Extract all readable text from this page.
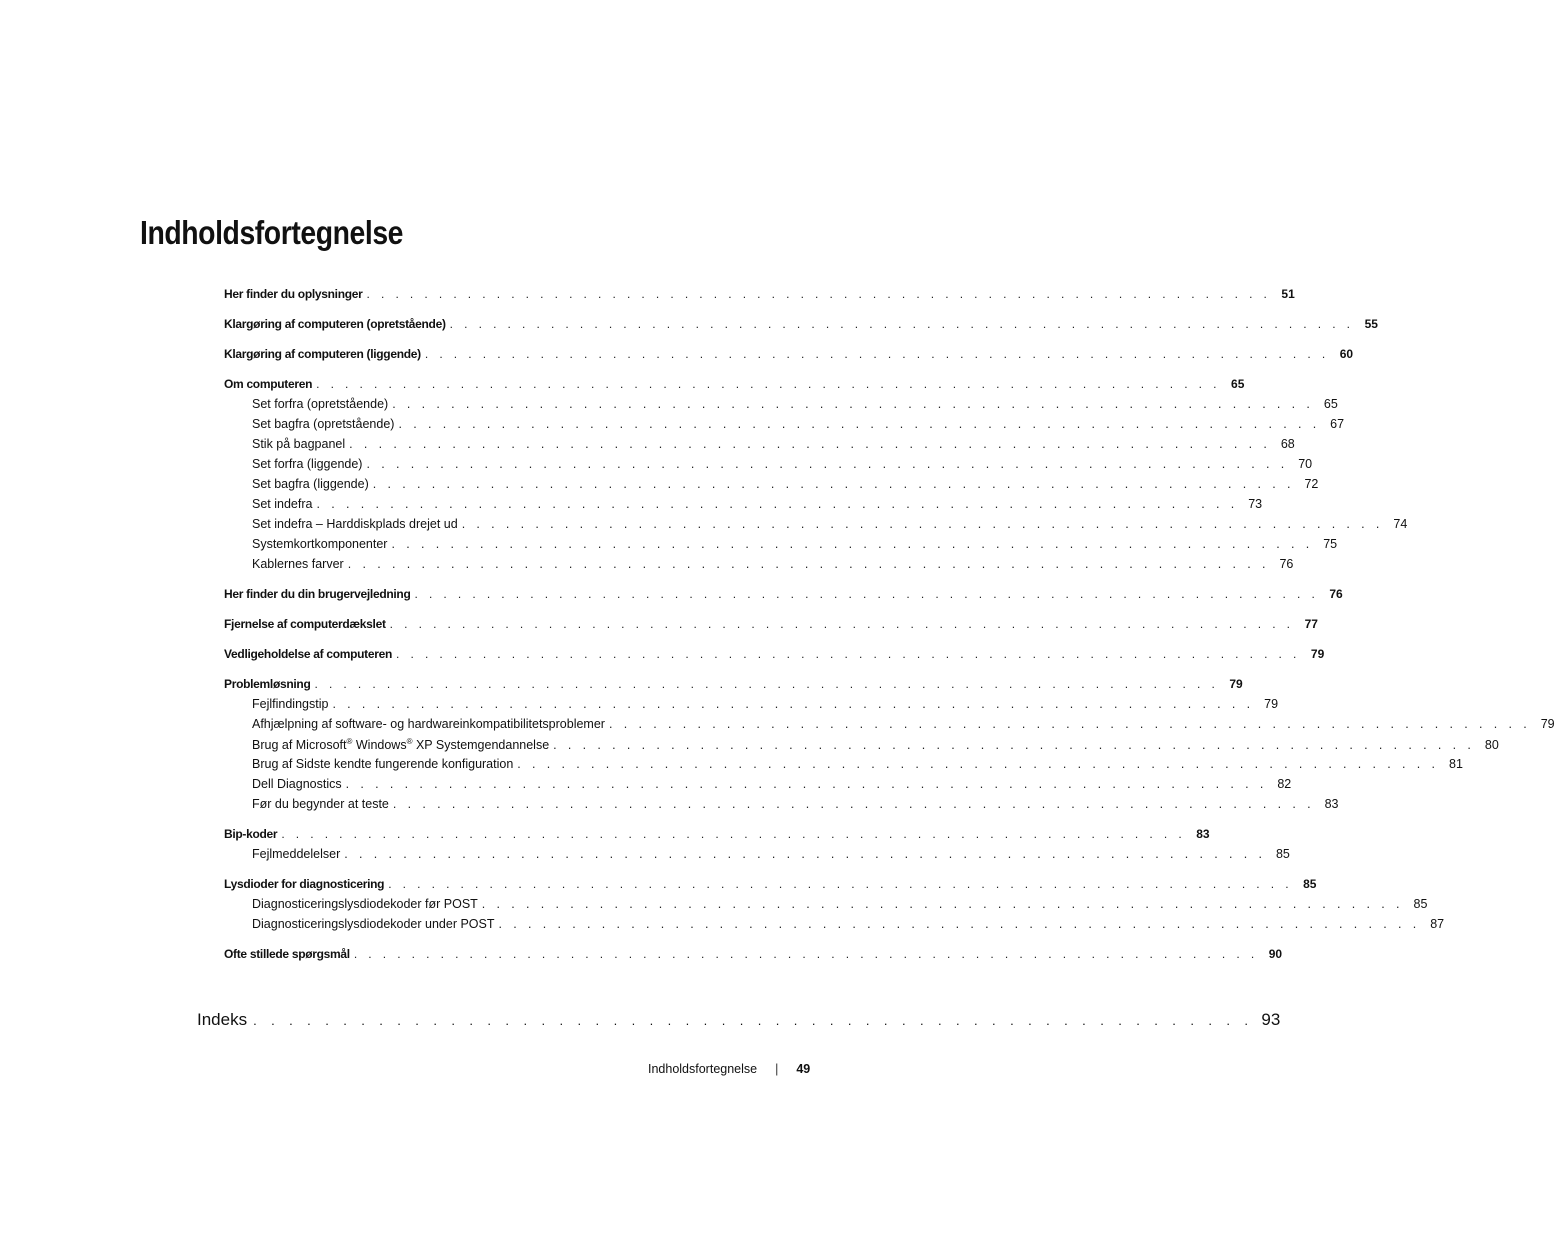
Indholdsfortegnelse
Her finder du oplysninger . . . . . . . . . . . . . . . . . . . . . . . . . . . . . . . . . . . . . . . . . . . . . . . . . . . . . . . . . . . . . . . 51
Klargøring af computeren (opretstående) . . . . . . . . . . . . . . . . . . . . . . . . . . . . . . . . . . . . . . . . . . . . . . . . . . . . . . . . . . . . . . . 55
Klargøring af computeren (liggende) . . . . . . . . . . . . . . . . . . . . . . . . . . . . . . . . . . . . . . . . . . . . . . . . . . . . . . . . . . . . . . . 60
Om computeren . . . . . . . . . . . . . . . . . . . . . . . . . . . . . . . . . . . . . . . . . . . . . . . . . . . . . . . . . . . . . . . 65
Set forfra (opretstående) . . . . . . . . . . . . . . . . . . . . . . . . . . . . . . . . . . . . . . . . . . . . . . . . . . . . . . . . . . . . . . . 65
Set bagfra (opretstående) . . . . . . . . . . . . . . . . . . . . . . . . . . . . . . . . . . . . . . . . . . . . . . . . . . . . . . . . . . . . . . . 67
Stik på bagpanel . . . . . . . . . . . . . . . . . . . . . . . . . . . . . . . . . . . . . . . . . . . . . . . . . . . . . . . . . . . . . . . 68
Set forfra (liggende) . . . . . . . . . . . . . . . . . . . . . . . . . . . . . . . . . . . . . . . . . . . . . . . . . . . . . . . . . . . . . . . 70
Set bagfra (liggende) . . . . . . . . . . . . . . . . . . . . . . . . . . . . . . . . . . . . . . . . . . . . . . . . . . . . . . . . . . . . . . . 72
Set indefra . . . . . . . . . . . . . . . . . . . . . . . . . . . . . . . . . . . . . . . . . . . . . . . . . . . . . . . . . . . . . . . 73
Set indefra – Harddiskplads drejet ud . . . . . . . . . . . . . . . . . . . . . . . . . . . . . . . . . . . . . . . . . . . . . . . . . . . . . . . . . . . . . . . 74
Systemkortkomponenter . . . . . . . . . . . . . . . . . . . . . . . . . . . . . . . . . . . . . . . . . . . . . . . . . . . . . . . . . . . . . . . 75
Kablernes farver . . . . . . . . . . . . . . . . . . . . . . . . . . . . . . . . . . . . . . . . . . . . . . . . . . . . . . . . . . . . . . . 76
Her finder du din brugervejledning . . . . . . . . . . . . . . . . . . . . . . . . . . . . . . . . . . . . . . . . . . . . . . . . . . . . . . . . . . . . . . . 76
Fjernelse af computerdækslet . . . . . . . . . . . . . . . . . . . . . . . . . . . . . . . . . . . . . . . . . . . . . . . . . . . . . . . . . . . . . . . 77
Vedligeholdelse af computeren . . . . . . . . . . . . . . . . . . . . . . . . . . . . . . . . . . . . . . . . . . . . . . . . . . . . . . . . . . . . . . . 79
Problemløsning . . . . . . . . . . . . . . . . . . . . . . . . . . . . . . . . . . . . . . . . . . . . . . . . . . . . . . . . . . . . . . . 79
Fejlfindingstip . . . . . . . . . . . . . . . . . . . . . . . . . . . . . . . . . . . . . . . . . . . . . . . . . . . . . . . . . . . . . . . 79
Afhjælpning af software- og hardwareinkompatibilitetsproblemer . . . . . . . . . . . . . . . . . . . . . . . . . . . . . . . . . . . . . . . . . . . . . . . . . . . . . . . . . . . . . . . 79
Brug af Microsoft® Windows® XP Systemgendannelse . . . . . . . . . . . . . . . . . . . . . . . . . . . . . . . . . . . . . . . . . . . . . . . . . . . . . . . . . . . . . . . 80
Brug af Sidste kendte fungerende konfiguration . . . . . . . . . . . . . . . . . . . . . . . . . . . . . . . . . . . . . . . . . . . . . . . . . . . . . . . . . . . . . . . 81
Dell Diagnostics . . . . . . . . . . . . . . . . . . . . . . . . . . . . . . . . . . . . . . . . . . . . . . . . . . . . . . . . . . . . . . . 82
Før du begynder at teste . . . . . . . . . . . . . . . . . . . . . . . . . . . . . . . . . . . . . . . . . . . . . . . . . . . . . . . . . . . . . . . 83
Bip-koder . . . . . . . . . . . . . . . . . . . . . . . . . . . . . . . . . . . . . . . . . . . . . . . . . . . . . . . . . . . . . . . 83
Fejlmeddelelser . . . . . . . . . . . . . . . . . . . . . . . . . . . . . . . . . . . . . . . . . . . . . . . . . . . . . . . . . . . . . . . 85
Lysdioder for diagnosticering . . . . . . . . . . . . . . . . . . . . . . . . . . . . . . . . . . . . . . . . . . . . . . . . . . . . . . . . . . . . . . . 85
Diagnosticeringslysdiodekoder før POST . . . . . . . . . . . . . . . . . . . . . . . . . . . . . . . . . . . . . . . . . . . . . . . . . . . . . . . . . . . . . . . 85
Diagnosticeringslysdiodekoder under POST . . . . . . . . . . . . . . . . . . . . . . . . . . . . . . . . . . . . . . . . . . . . . . . . . . . . . . . . . . . . . . . 87
Ofte stillede spørgsmål . . . . . . . . . . . . . . . . . . . . . . . . . . . . . . . . . . . . . . . . . . . . . . . . . . . . . . . . . . . . . . . 90
Indeks . . . . . . . . . . . . . . . . . . . . . . . . . . . . . . . . . . . . . . . . . . . . . . . . . . . . . . . . 93
Indholdsfortegnelse | 49
